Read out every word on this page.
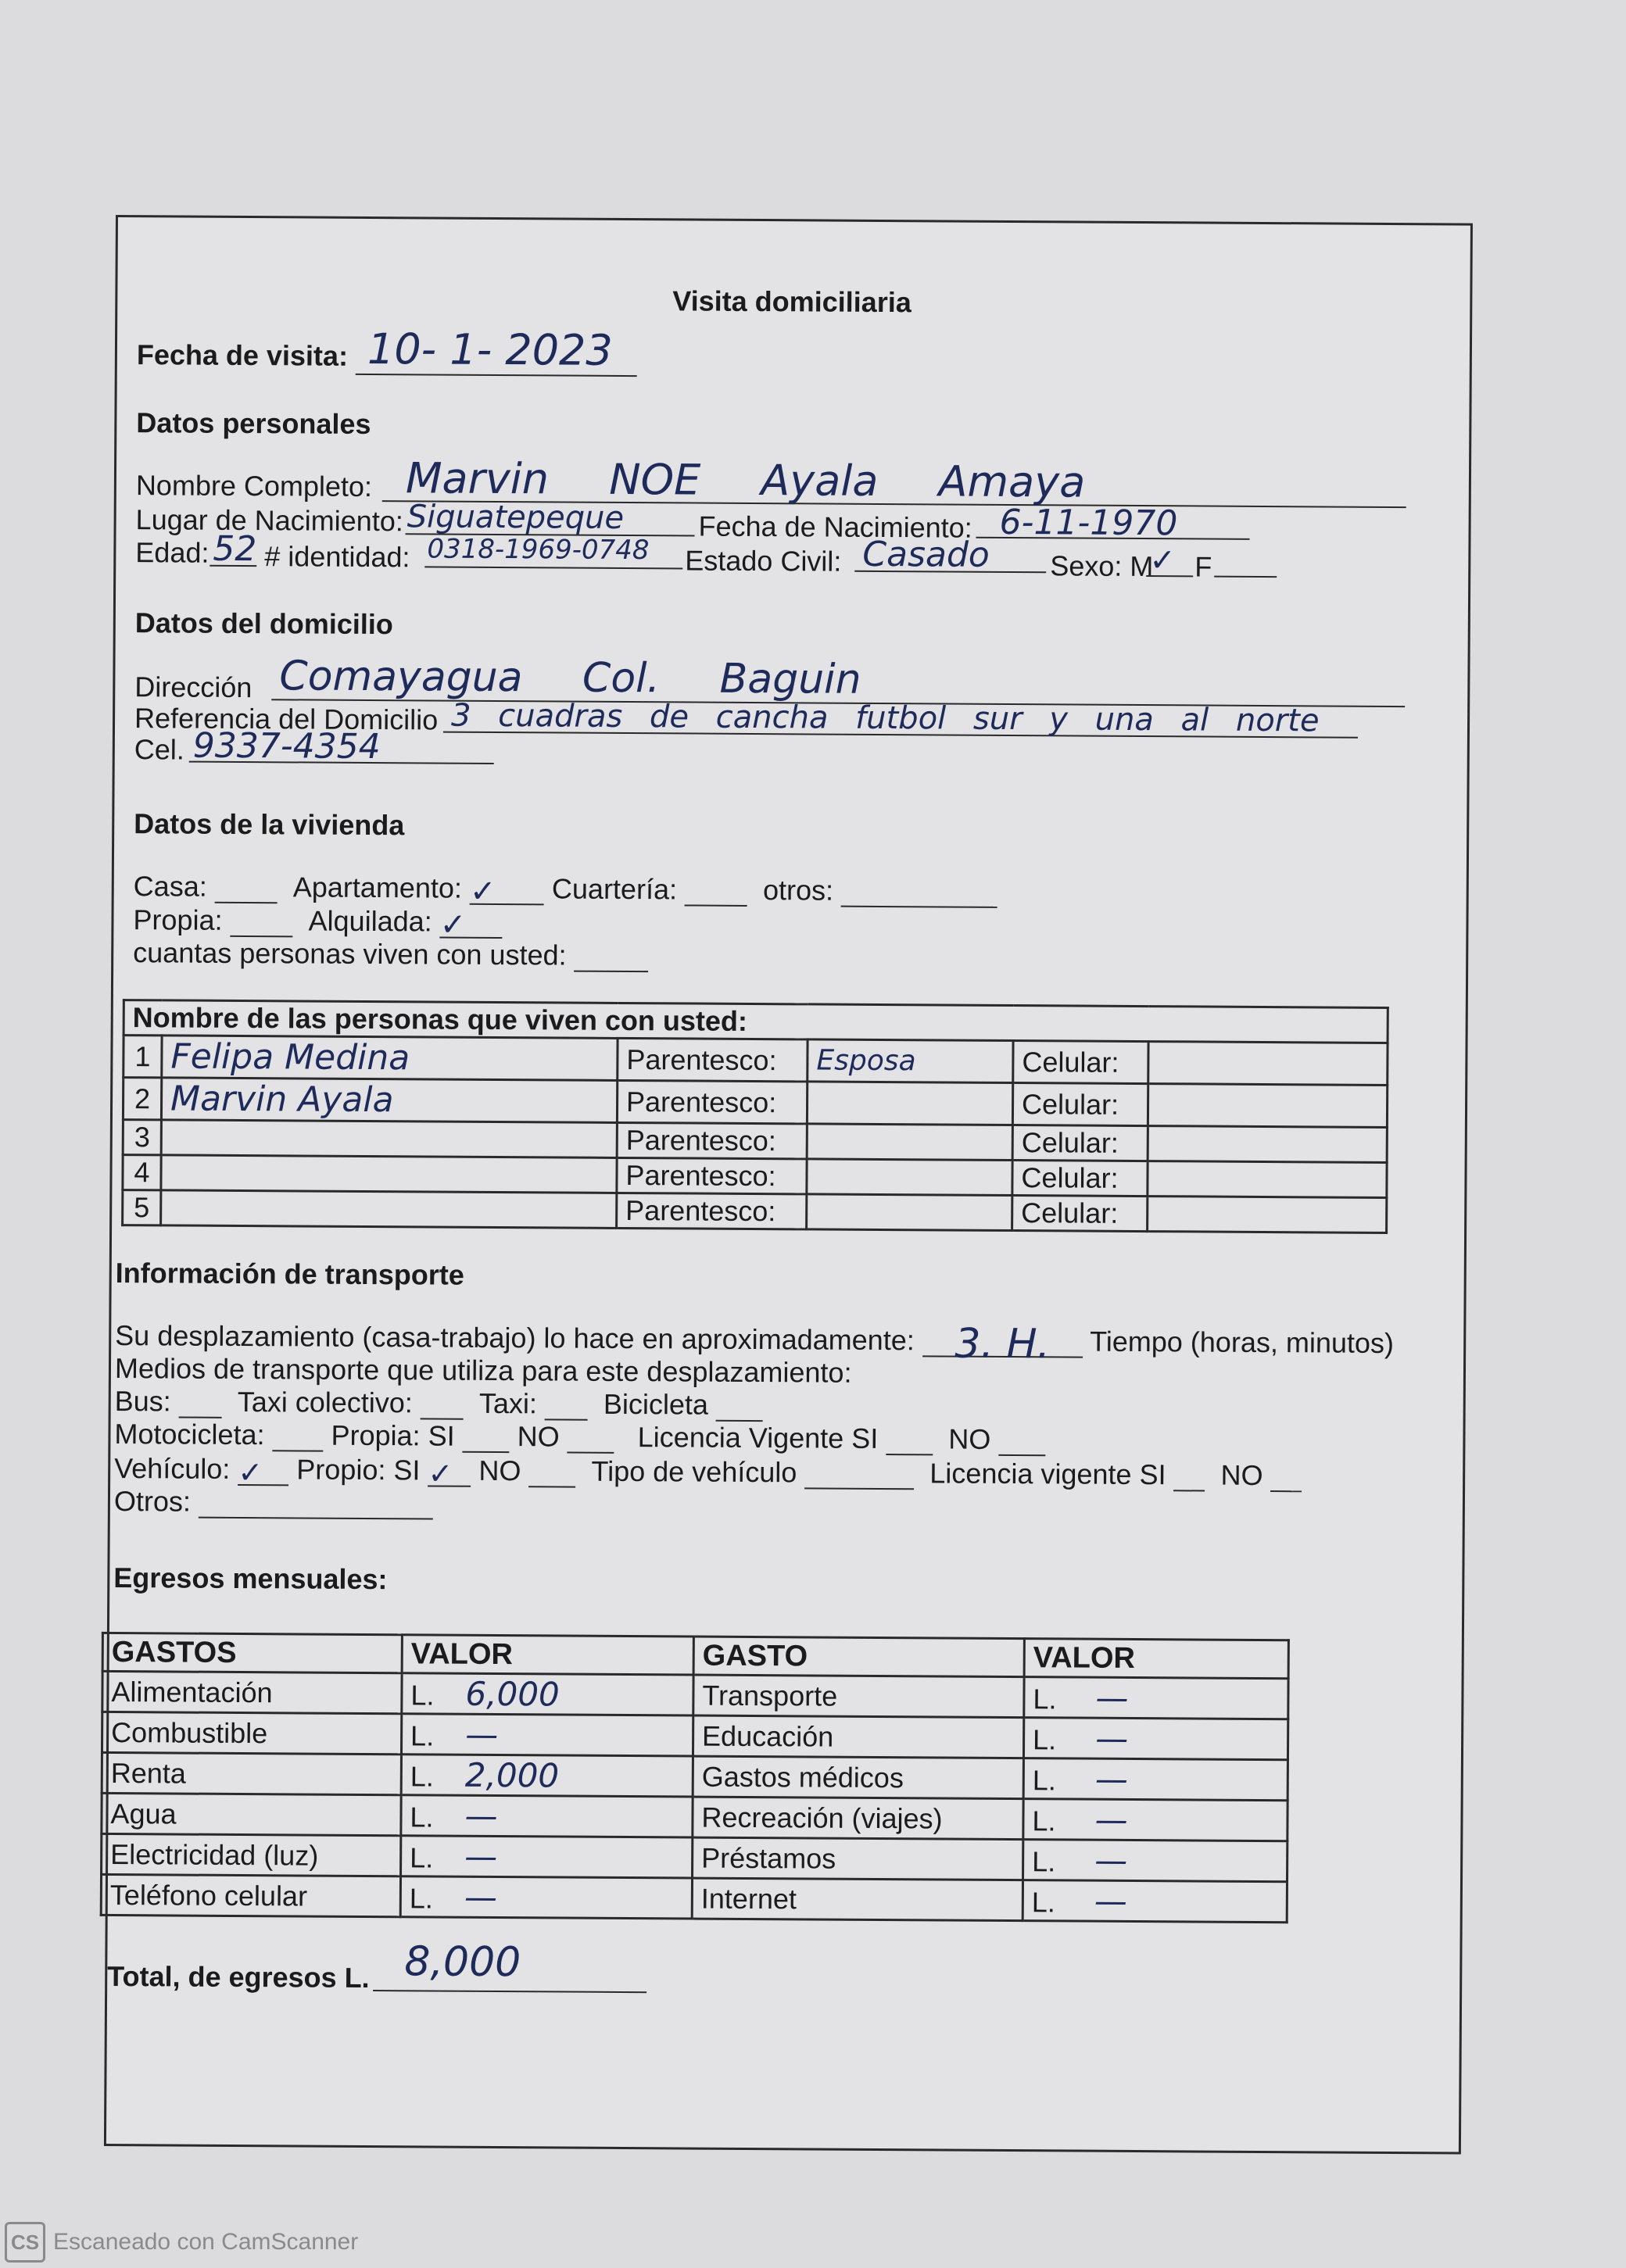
Visita domiciliaria
Fecha de visita: 10- 1- 2023
Datos personales
Nombre Completo: Marvin NOE Ayala Amaya
Lugar de Nacimiento: Siguatepeque	Fecha de Nacimiento: 6-11-1970
Edad: 52 # identidad: 0318-1969-0748 Estado Civil: Casado Sexo: M
✓ F
Datos del domicilio
Dirección Comayagua Col. Baguin
Referencia del Domicilio 3 cuadras de cancha futbol sur y una al norte
Cel. 9337-4354
Datos de la vivienda
Casa:	Apartamento: ✓ Cuartería:	otros:
Propia:	Alquilada: ✓
cuantas personas viven con usted:
Nombre de las personas que viven con usted:					
1	Felipa Medina	Parentesco:	Esposa	Celular:	
2	Marvin Ayala	Parentesco:		Celular:	
3		Parentesco:		Celular:	
4		Parentesco:		Celular:	
5		Parentesco:		Celular:	
Información de transporte
Su desplazamiento (casa-trabajo) lo hace en aproximadamente: 3. H. Tiempo (horas, minutos)
Medios de transporte que utiliza para este desplazamiento:
Bus: Taxi colectivo: Taxi: Bicicleta
Motocicleta: Propia: SI NO	Licencia Vigente SI NO
Vehículo: ✓ Propio: SI ✓ NO Tipo de vehículo	Licencia vigente SI NO
Otros:
Egresos mensuales:
GASTOS	VALOR	GASTO	VALOR
Alimentación	L. 6,000	Transporte	L. —
Combustible	L. —	Educación	L. —
Renta	L. 2,000	Gastos médicos	L. —
Agua	L. —	Recreación (viajes)	L. —
Electricidad (luz)	L. —	Préstamos	L. —
Teléfono celular	L. —	Internet	L. —
Total, de egresos L. 8,000
CS Escaneado con CamScanner
